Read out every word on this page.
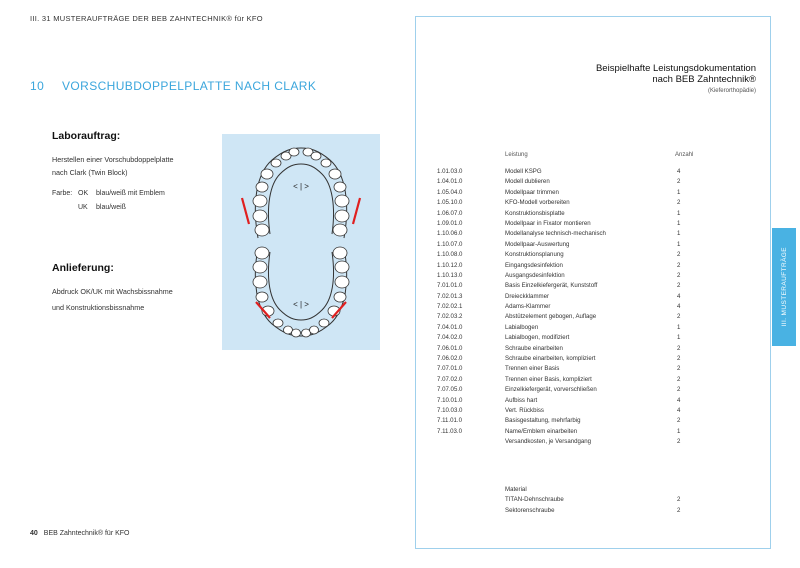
III. 31 MUSTERAUFTRÄGE DER BEB ZAHNTECHNIK® für KFO
10 VORSCHUBDOPPELPLATTE NACH CLARK
Laborauftrag:
Herstellen einer Vorschubdoppelplatte
nach Clark (Twin Block)
Farbe: OK	blau/weiß mit Emblem
UK	blau/weiß
Anlieferung:
Abdruck OK/UK mit Wachsbissnahme
und Konstruktionsbissnahme
< | >
< | >
40 BEB Zahntechnik® für KFO
Beispielhafte Leistungsdokumentation
nach BEB Zahntechnik®
(Kieferorthopädie)
Leistung	Anzahl
1.01.03.0	Modell KSPG	4
1.04.01.0	Modell dublieren	2
1.05.04.0	Modellpaar trimmen	1
1.05.10.0	KFO-Modell vorbereiten	2
1.06.07.0	Konstruktionsbisplatte	1
1.09.01.0	Modellpaar in Fixator montieren	1
1.10.06.0	Modellanalyse technisch-mechanisch	1
1.10.07.0	Modellpaar-Auswertung	1
1.10.08.0	Konstruktionsplanung	2
1.10.12.0	Eingangsdesinfektion	2
1.10.13.0	Ausgangsdesinfektion	2
7.01.01.0	Basis Einzelkiefergerät, Kunststoff	2
7.02.01.3	Dreieckklammer	4
7.02.02.1	Adams-Klammer	4
7.02.03.2	Abstützelement gebogen, Auflage	2
7.04.01.0	Labialbogen	1
7.04.02.0	Labialbogen, modifiziert	1
7.06.01.0	Schraube einarbeiten	2
7.06.02.0	Schraube einarbeiten, kompliziert	2
7.07.01.0	Trennen einer Basis	2
7.07.02.0	Trennen einer Basis, kompliziert	2
7.07.05.0	Einzelkiefergerät, vorverschließen	2
7.10.01.0	Aufbiss hart	4
7.10.03.0	Vert. Rückbiss	4
7.11.01.0	Basisgestaltung, mehrfarbig	2
7.11.03.0	Name/Emblem einarbeiten	1
Versandkosten, je Versandgang	2
Material
TITAN-Dehnschraube	2
Sektorenschraube	2
III. MUSTERAUFTRÄGE
